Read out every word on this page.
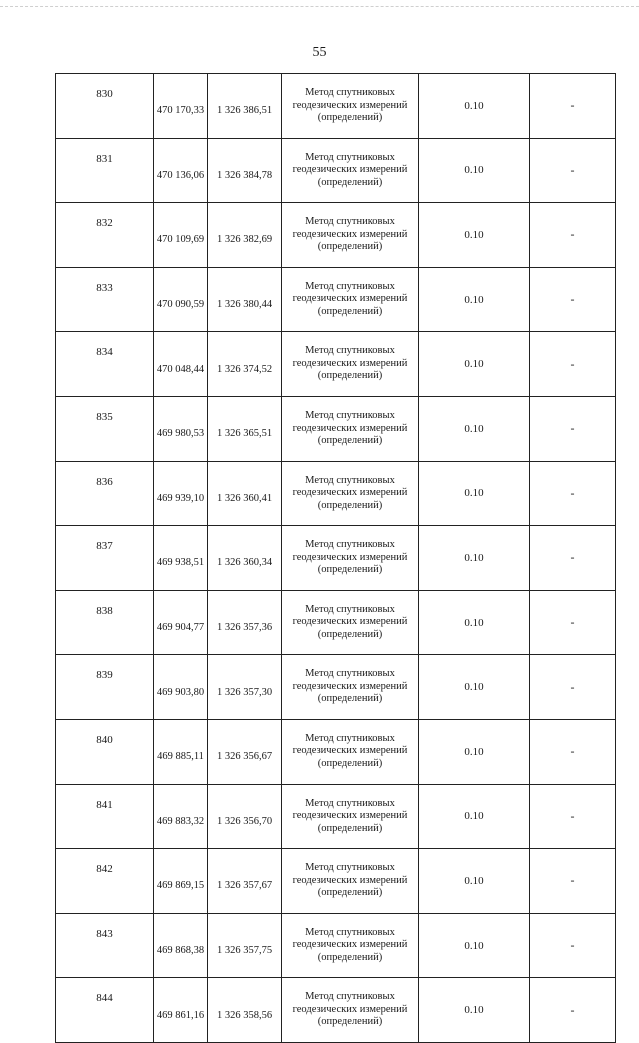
55
830	470 170,33	1 326 386,51	Метод спутниковых геодезических измерений (определений)	0.10	-
831	470 136,06	1 326 384,78	Метод спутниковых геодезических измерений (определений)	0.10	-
832	470 109,69	1 326 382,69	Метод спутниковых геодезических измерений (определений)	0.10	-
833	470 090,59	1 326 380,44	Метод спутниковых геодезических измерений (определений)	0.10	-
834	470 048,44	1 326 374,52	Метод спутниковых геодезических измерений (определений)	0.10	-
835	469 980,53	1 326 365,51	Метод спутниковых геодезических измерений (определений)	0.10	-
836	469 939,10	1 326 360,41	Метод спутниковых геодезических измерений (определений)	0.10	-
837	469 938,51	1 326 360,34	Метод спутниковых геодезических измерений (определений)	0.10	-
838	469 904,77	1 326 357,36	Метод спутниковых геодезических измерений (определений)	0.10	-
839	469 903,80	1 326 357,30	Метод спутниковых геодезических измерений (определений)	0.10	-
840	469 885,11	1 326 356,67	Метод спутниковых геодезических измерений (определений)	0.10	-
841	469 883,32	1 326 356,70	Метод спутниковых геодезических измерений (определений)	0.10	-
842	469 869,15	1 326 357,67	Метод спутниковых геодезических измерений (определений)	0.10	-
843	469 868,38	1 326 357,75	Метод спутниковых геодезических измерений (определений)	0.10	-
844	469 861,16	1 326 358,56	Метод спутниковых геодезических измерений (определений)	0.10	-
